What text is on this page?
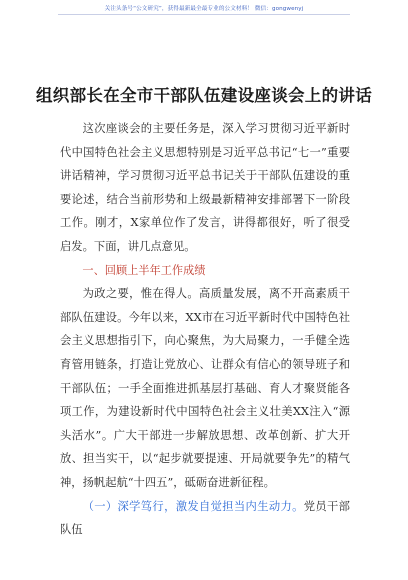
关注头条号“公文研究”，获得最新最全最专业的公文材料！ 微信：gongwenyj
组织部长在全市干部队伍建设座谈会上的讲话

这次座谈会的主要任务是，深入学习贯彻习近平新时代中国特色社会主义思想特别是习近平总书记“七一”重要讲话精神，学习贯彻习近平总书记关于干部队伍建设的重要论述，结合当前形势和上级最新精神安排部署下一阶段工作。刚才，X家单位作了发言，讲得都很好，听了很受启发。下面，讲几点意见。

一、回顾上半年工作成绩

为政之要，惟在得人。高质量发展，离不开高素质干部队伍建设。今年以来，XX市在习近平新时代中国特色社会主义思想指引下，向心聚焦，为大局聚力，一手健全选育管用链条，打造让党放心、让群众有信心的领导班子和干部队伍；一手全面推进抓基层打基础、育人才聚贤能各项工作，为建设新时代中国特色社会主义壮美XX注入“源头活水”。广大干部进一步解放思想、改革创新、扩大开放、担当实干，以“起步就要提速、开局就要争先”的精气神，扬帆起航“十四五”，砥砺奋进新征程。

（一）深学笃行，激发自觉担当内生动力。党员干部队伍
